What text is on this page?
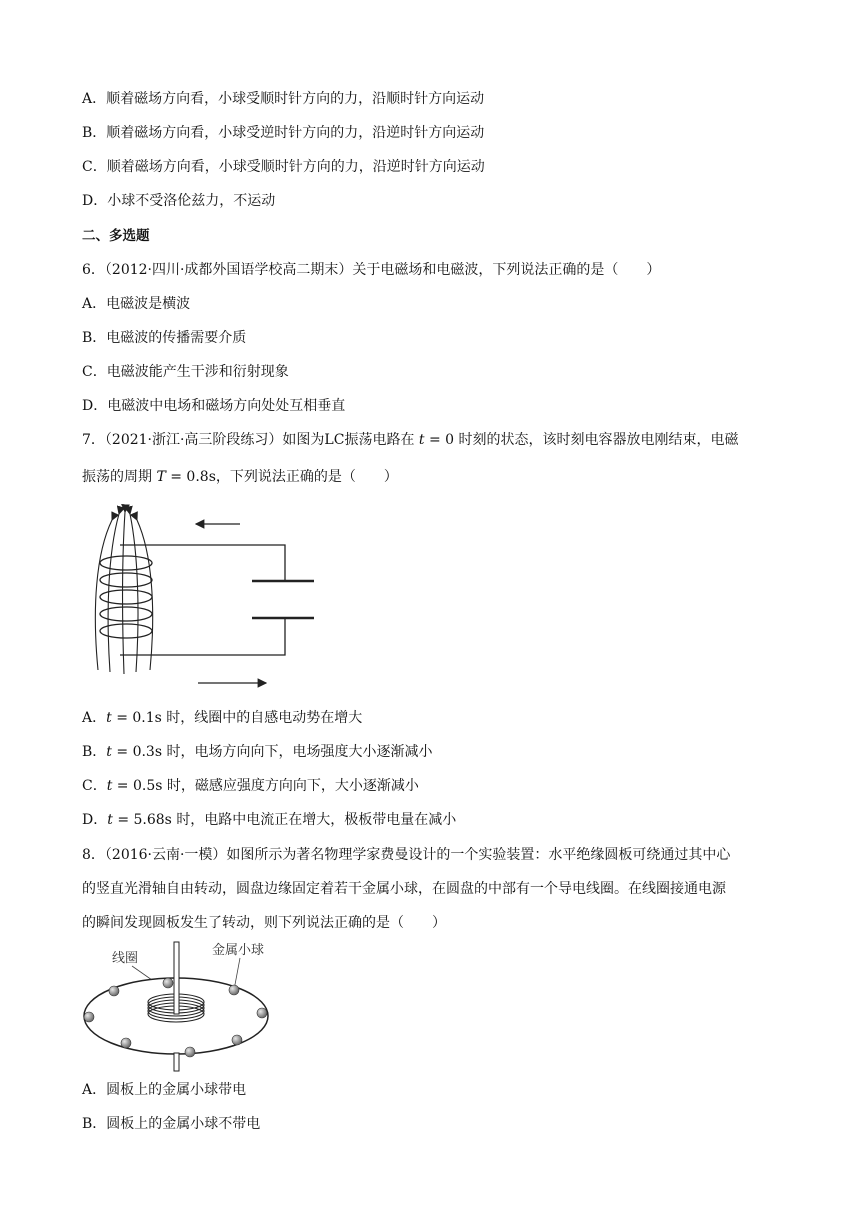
A．顺着磁场方向看，小球受顺时针方向的力，沿顺时针方向运动
B．顺着磁场方向看，小球受逆时针方向的力，沿逆时针方向运动
C．顺着磁场方向看，小球受顺时针方向的力，沿逆时针方向运动
D．小球不受洛伦兹力，不运动
二、多选题
6．（2012·四川·成都外国语学校高二期末）关于电磁场和电磁波，下列说法正确的是（　　）
A．电磁波是横波
B．电磁波的传播需要介质
C．电磁波能产生干涉和衍射现象
D．电磁波中电场和磁场方向处处互相垂直
7．（2021·浙江·高三阶段练习）如图为LC振荡电路在 t = 0 时刻的状态，该时刻电容器放电刚结束，电磁
振荡的周期 T = 0.8s，下列说法正确的是（　　）
A．t = 0.1s 时，线圈中的自感电动势在增大
B．t = 0.3s 时，电场方向向下，电场强度大小逐渐减小
C．t = 0.5s 时，磁感应强度方向向下，大小逐渐减小
D．t = 5.68s 时，电路中电流正在增大，极板带电量在减小
8．（2016·云南·一模）如图所示为著名物理学家费曼设计的一个实验装置：水平绝缘圆板可绕通过其中心
的竖直光滑轴自由转动，圆盘边缘固定着若干金属小球，在圆盘的中部有一个导电线圈。在线圈接通电源
的瞬间发现圆板发生了转动，则下列说法正确的是（　　）
线圈
金属小球
A．圆板上的金属小球带电
B．圆板上的金属小球不带电
